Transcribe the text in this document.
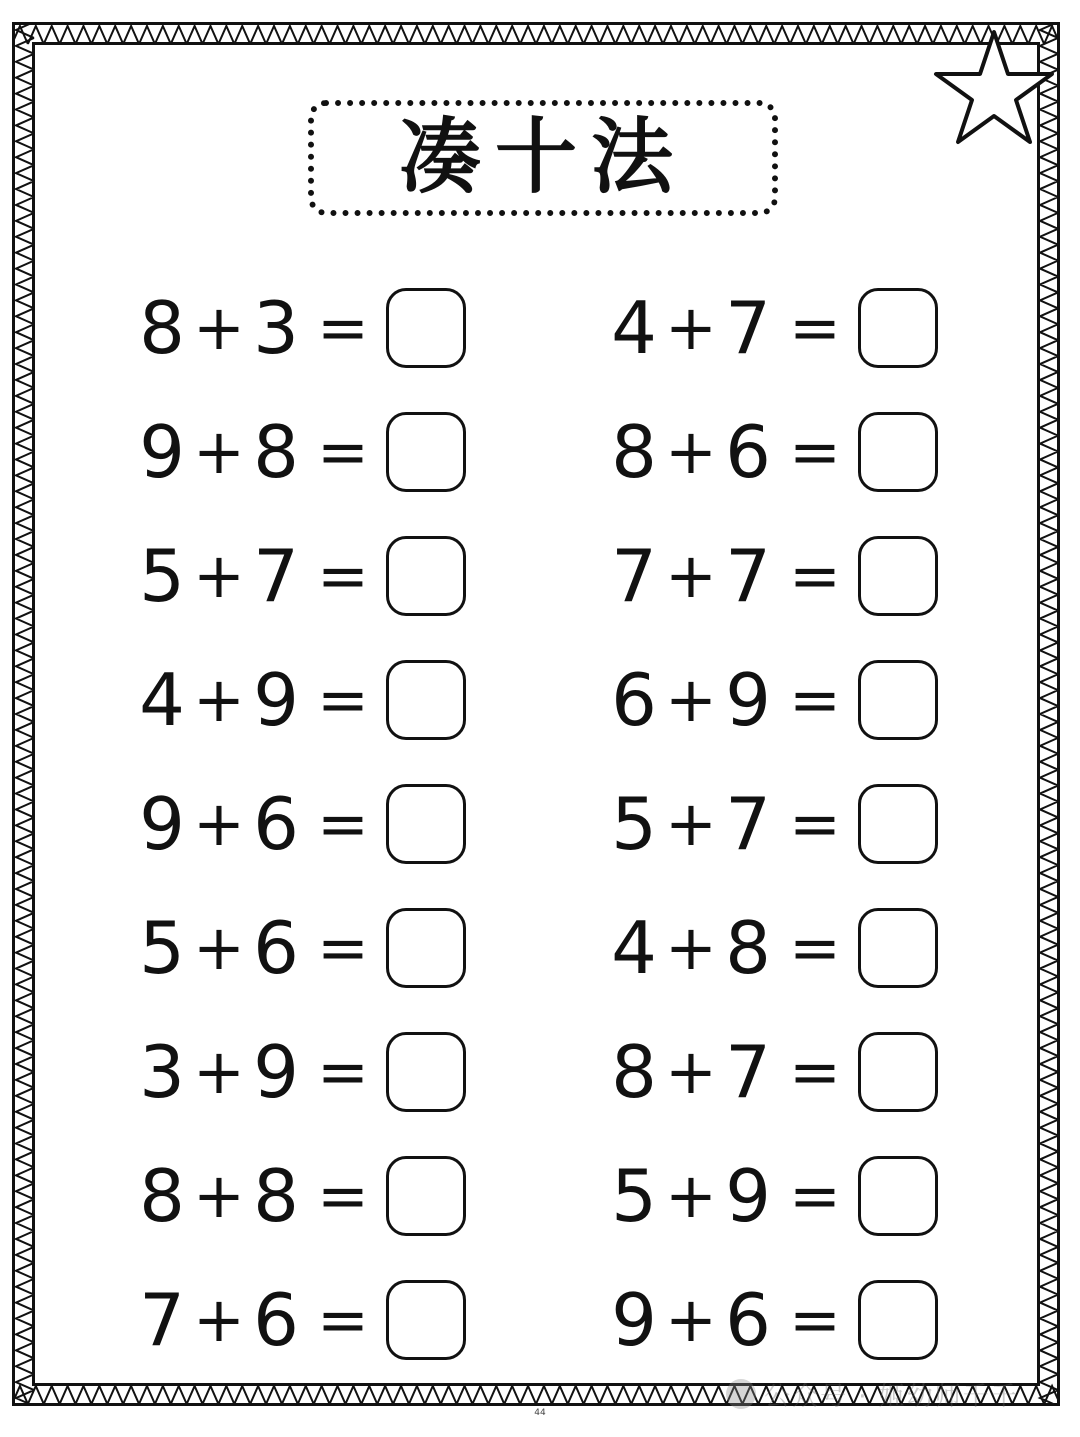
凑十法
8 + 3 =	4 + 7 =
9 + 8 =	8 + 6 =
5 + 7 =	7 + 7 =
4 + 9 =	6 + 9 =
9 + 6 =	5 + 7 =
5 + 6 =	4 + 8 =
3 + 9 =	8 + 7 =
8 + 8 =	5 + 9 =
7 + 6 =	9 + 6 =
公众号 · 姬幼师千千
44
